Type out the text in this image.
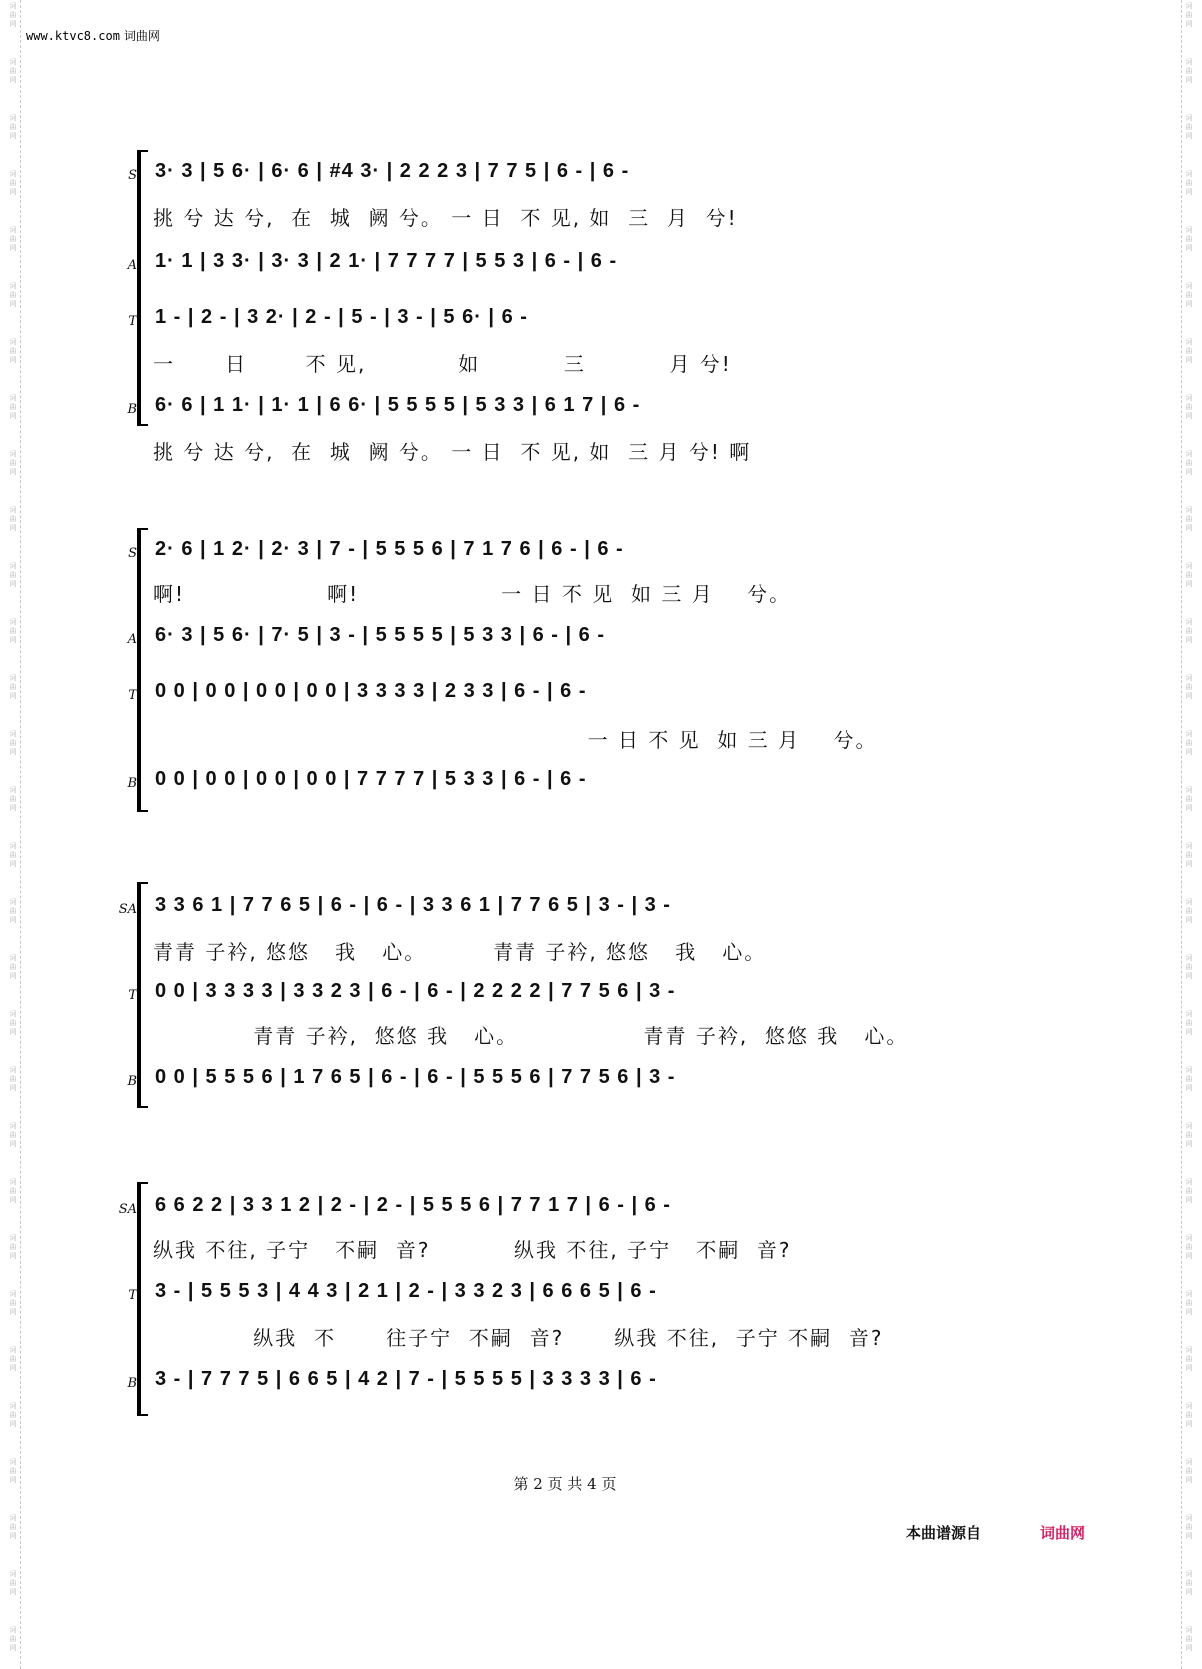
词
曲
网
词
曲
网
词
曲
网
词
曲
网
词
曲
网
词
曲
网
词
曲
网
词
曲
网
词
曲
网
词
曲
网
词
曲
网
词
曲
网
词
曲
网
词
曲
网
词
曲
网
词
曲
网
词
曲
网
词
曲
网
词
曲
网
词
曲
网
词
曲
网
词
曲
网
词
曲
网
词
曲
网
词
曲
网
词
曲
网
词
曲
网
词
曲
网
词
曲
网
词
曲
网
词
曲
网
词
曲
网
词
曲
网
词
曲
网
词
曲
网
词
曲
网
词
曲
网
词
曲
网
词
曲
网
词
曲
网
词
曲
网
词
曲
网
词
曲
网
词
曲
网
词
曲
网
词
曲
网
词
曲
网
词
曲
网
词
曲
网
词
曲
网
词
曲
网
词
曲
网
词
曲
网
词
曲
网
词
曲
网
词
曲
网
词
曲
网
词
曲
网
词
曲
网
词
曲
网
www.ktvc8.com 词曲网
S 3· 3 | 5 6· | 6· 6 | #4 3· | 2 2 2 3 | 7 7 5 | 6 - | 6 -
挑 兮 达 兮,  在  城  阙 兮。 一 日  不 见, 如  三  月  兮!
A 1· 1 | 3 3· | 3· 3 | 2 1· | 7 7 7 7 | 5 5 3 | 6 - | 6 -
T 1 - | 2 - | 3 2· | 2 - | 5 - | 3 - | 5 6· | 6 -
一      日       不 见,           如          三          月 兮!
B 6· 6 | 1 1· | 1· 1 | 6 6· | 5 5 5 5 | 5 3 3 | 6 1 7 | 6 -
挑 兮 达 兮,  在  城  阙 兮。 一 日  不 见, 如  三 月 兮! 啊
S 2· 6 | 1 2· | 2· 3 | 7 - | 5 5 5 6 | 7 1 7 6 | 6 - | 6 -
啊!                 啊!                 一 日 不 见  如 三 月    兮。
A 6· 3 | 5 6· | 7· 5 | 3 - | 5 5 5 5 | 5 3 3 | 6 - | 6 -
T 0 0 | 0 0 | 0 0 | 0 0 | 3 3 3 3 | 2 3 3 | 6 - | 6 -
一 日 不 见  如 三 月    兮。
B 0 0 | 0 0 | 0 0 | 0 0 | 7 7 7 7 | 5 3 3 | 6 - | 6 -
SA 3 3 6 1 | 7 7 6 5 | 6 - | 6 - | 3 3 6 1 | 7 7 6 5 | 3 - | 3 -
青青 子衿, 悠悠   我   心。        青青 子衿, 悠悠   我   心。
T 0 0 | 3 3 3 3 | 3 3 2 3 | 6 - | 6 - | 2 2 2 2 | 7 7 5 6 | 3 -
青青 子衿,  悠悠 我   心。               青青 子衿,  悠悠 我   心。
B 0 0 | 5 5 5 6 | 1 7 6 5 | 6 - | 6 - | 5 5 5 6 | 7 7 5 6 | 3 -
SA 6 6 2 2 | 3 3 1 2 | 2 - | 2 - | 5 5 5 6 | 7 7 1 7 | 6 - | 6 -
纵我 不往, 子宁   不嗣  音?          纵我 不往, 子宁   不嗣  音?
T 3 - | 5 5 5 3 | 4 4 3 | 2 1 | 2 - | 3 3 2 3 | 6 6 6 5 | 6 -
纵我  不      往子宁  不嗣  音?      纵我 不往,  子宁 不嗣  音?
B 3 - | 7 7 7 5 | 6 6 5 | 4 2 | 7 - | 5 5 5 5 | 3 3 3 3 | 6 -
第 2 页 共 4 页
本曲谱源自	词曲网
